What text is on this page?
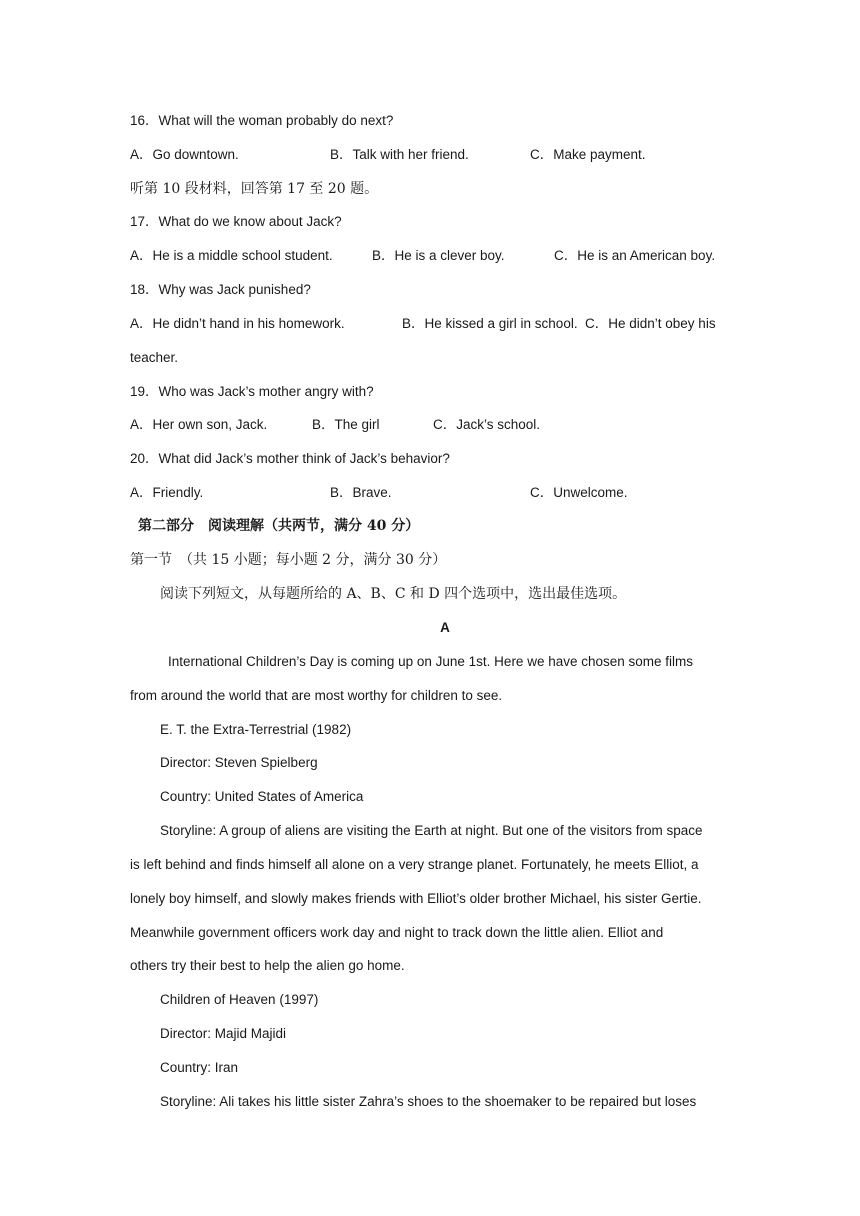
16．What will the woman probably do next?
A．Go downtown.	B．Talk with her friend.	C．Make payment.
听第 10 段材料，回答第 17 至 20 题。
17．What do we know about Jack?
A．He is a middle school student.	B．He is a clever boy.	C．He is an American boy.
18．Why was Jack punished?
A．He didn’t hand in his homework.	B．He kissed a girl in school. C．He didn’t obey his
teacher.
19．Who was Jack’s mother angry with?
A．Her own son, Jack.	B．The girl	C．Jack’s school.
20．What did Jack’s mother think of Jack’s behavior?
A．Friendly.	B．Brave.	C．Unwelcome.
第二部分　阅读理解（共两节，满分 40 分）
第一节　（共 15 小题；每小题 2 分，满分 30 分）
阅读下列短文，从每题所给的 A、B、C 和 D 四个选项中，选出最佳选项。
A
International Children’s Day is coming up on June 1st. Here we have chosen some films
from around the world that are most worthy for children to see.
E. T. the Extra-Terrestrial (1982)
Director: Steven Spielberg
Country: United States of America
Storyline: A group of aliens are visiting the Earth at night. But one of the visitors from space
is left behind and finds himself all alone on a very strange planet. Fortunately, he meets Elliot, a
lonely boy himself, and slowly makes friends with Elliot’s older brother Michael, his sister Gertie.
Meanwhile government officers work day and night to track down the little alien. Elliot and
others try their best to help the alien go home.
Children of Heaven (1997)
Director: Majid Majidi
Country: Iran
Storyline: Ali takes his little sister Zahra’s shoes to the shoemaker to be repaired but loses
